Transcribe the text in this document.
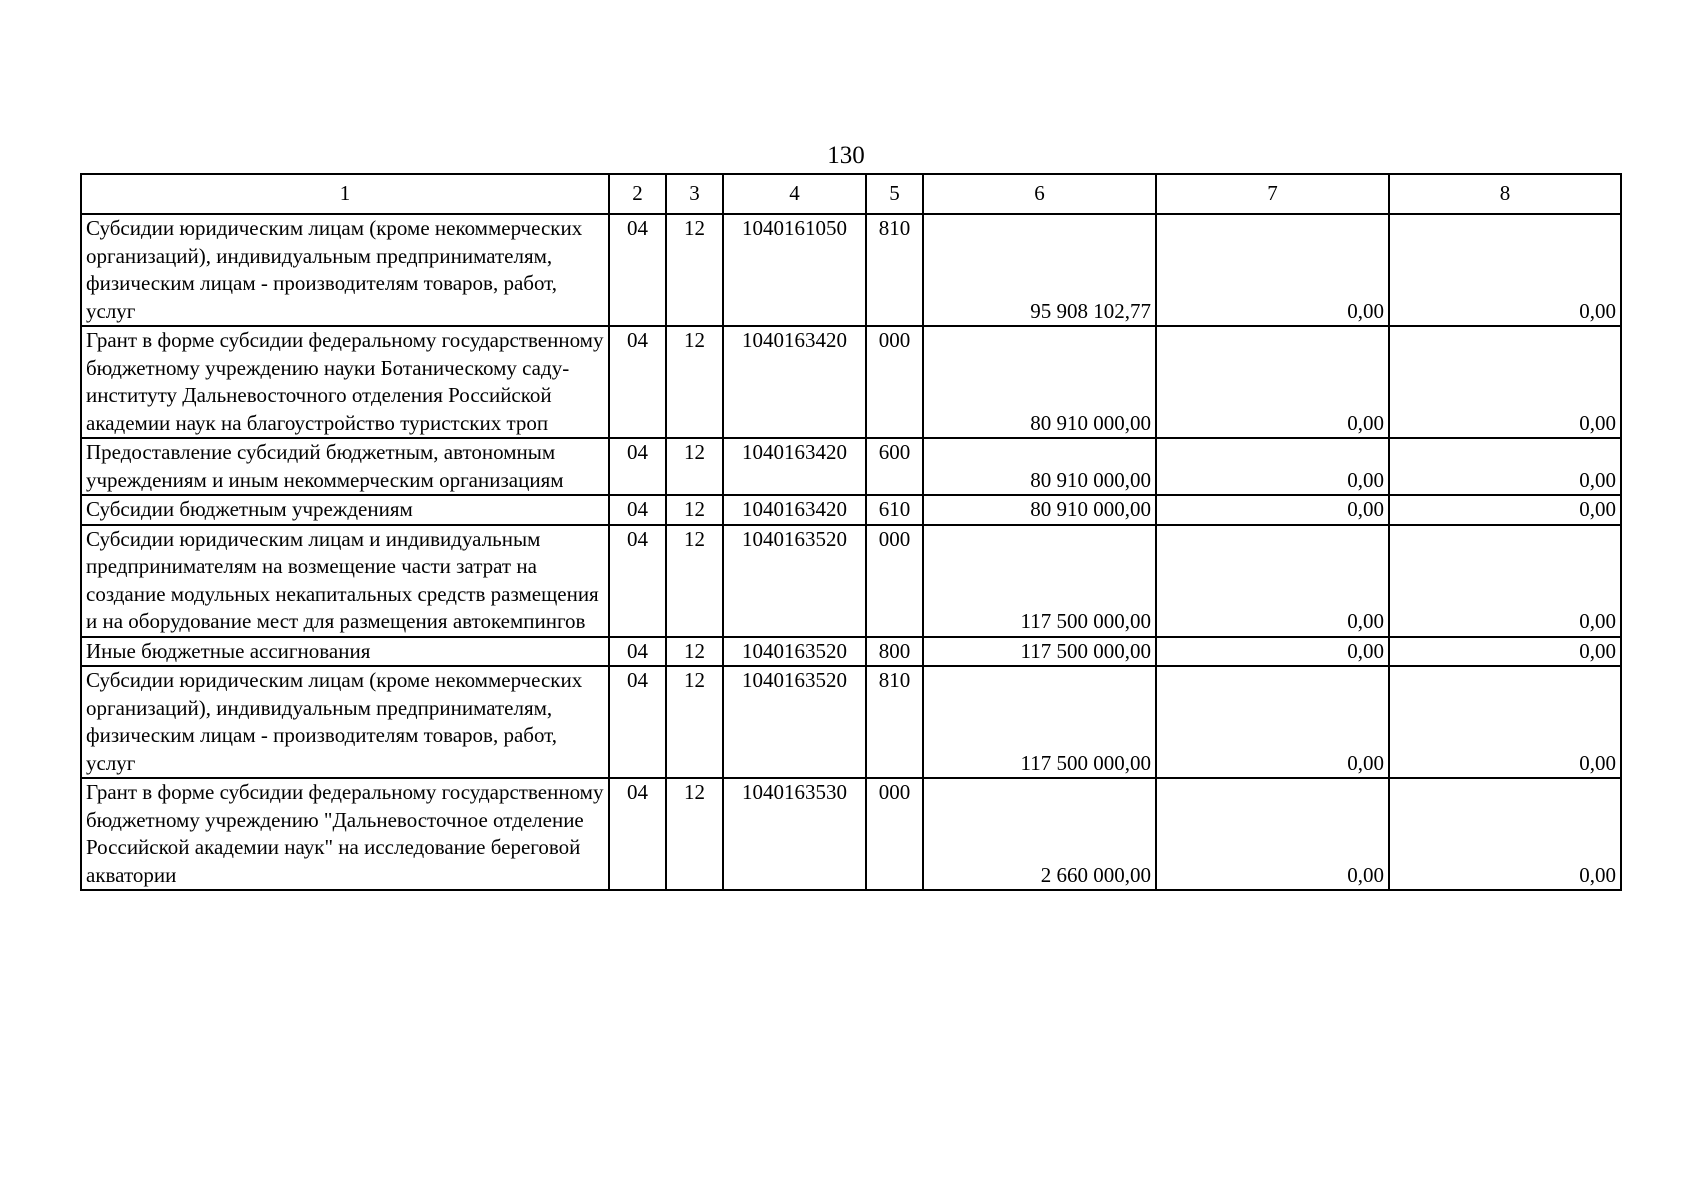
130
1	2	3	4	5	6	7	8
Субсидии юридическим лицам (кроме некоммерческих организаций), индивидуальным предпринимателям, физическим лицам - производителям товаров, работ, услуг	04	12	1040161050	810	95 908 102,77	0,00	0,00
Грант в форме субсидии федеральному государственному бюджетному учреждению науки Ботаническому саду-институту Дальневосточного отделения Российской академии наук на благоустройство туристских троп	04	12	1040163420	000	80 910 000,00	0,00	0,00
Предоставление субсидий бюджетным, автономным учреждениям и иным некоммерческим организациям	04	12	1040163420	600	80 910 000,00	0,00	0,00
Субсидии бюджетным учреждениям	04	12	1040163420	610	80 910 000,00	0,00	0,00
Субсидии юридическим лицам и индивидуальным предпринимателям на возмещение части затрат на создание модульных некапитальных средств размещения и на оборудование мест для размещения автокемпингов	04	12	1040163520	000	117 500 000,00	0,00	0,00
Иные бюджетные ассигнования	04	12	1040163520	800	117 500 000,00	0,00	0,00
Субсидии юридическим лицам (кроме некоммерческих организаций), индивидуальным предпринимателям, физическим лицам - производителям товаров, работ, услуг	04	12	1040163520	810	117 500 000,00	0,00	0,00
Грант в форме субсидии федеральному государственному бюджетному учреждению "Дальневосточное отделение Российской академии наук" на исследование береговой акватории	04	12	1040163530	000	2 660 000,00	0,00	0,00
